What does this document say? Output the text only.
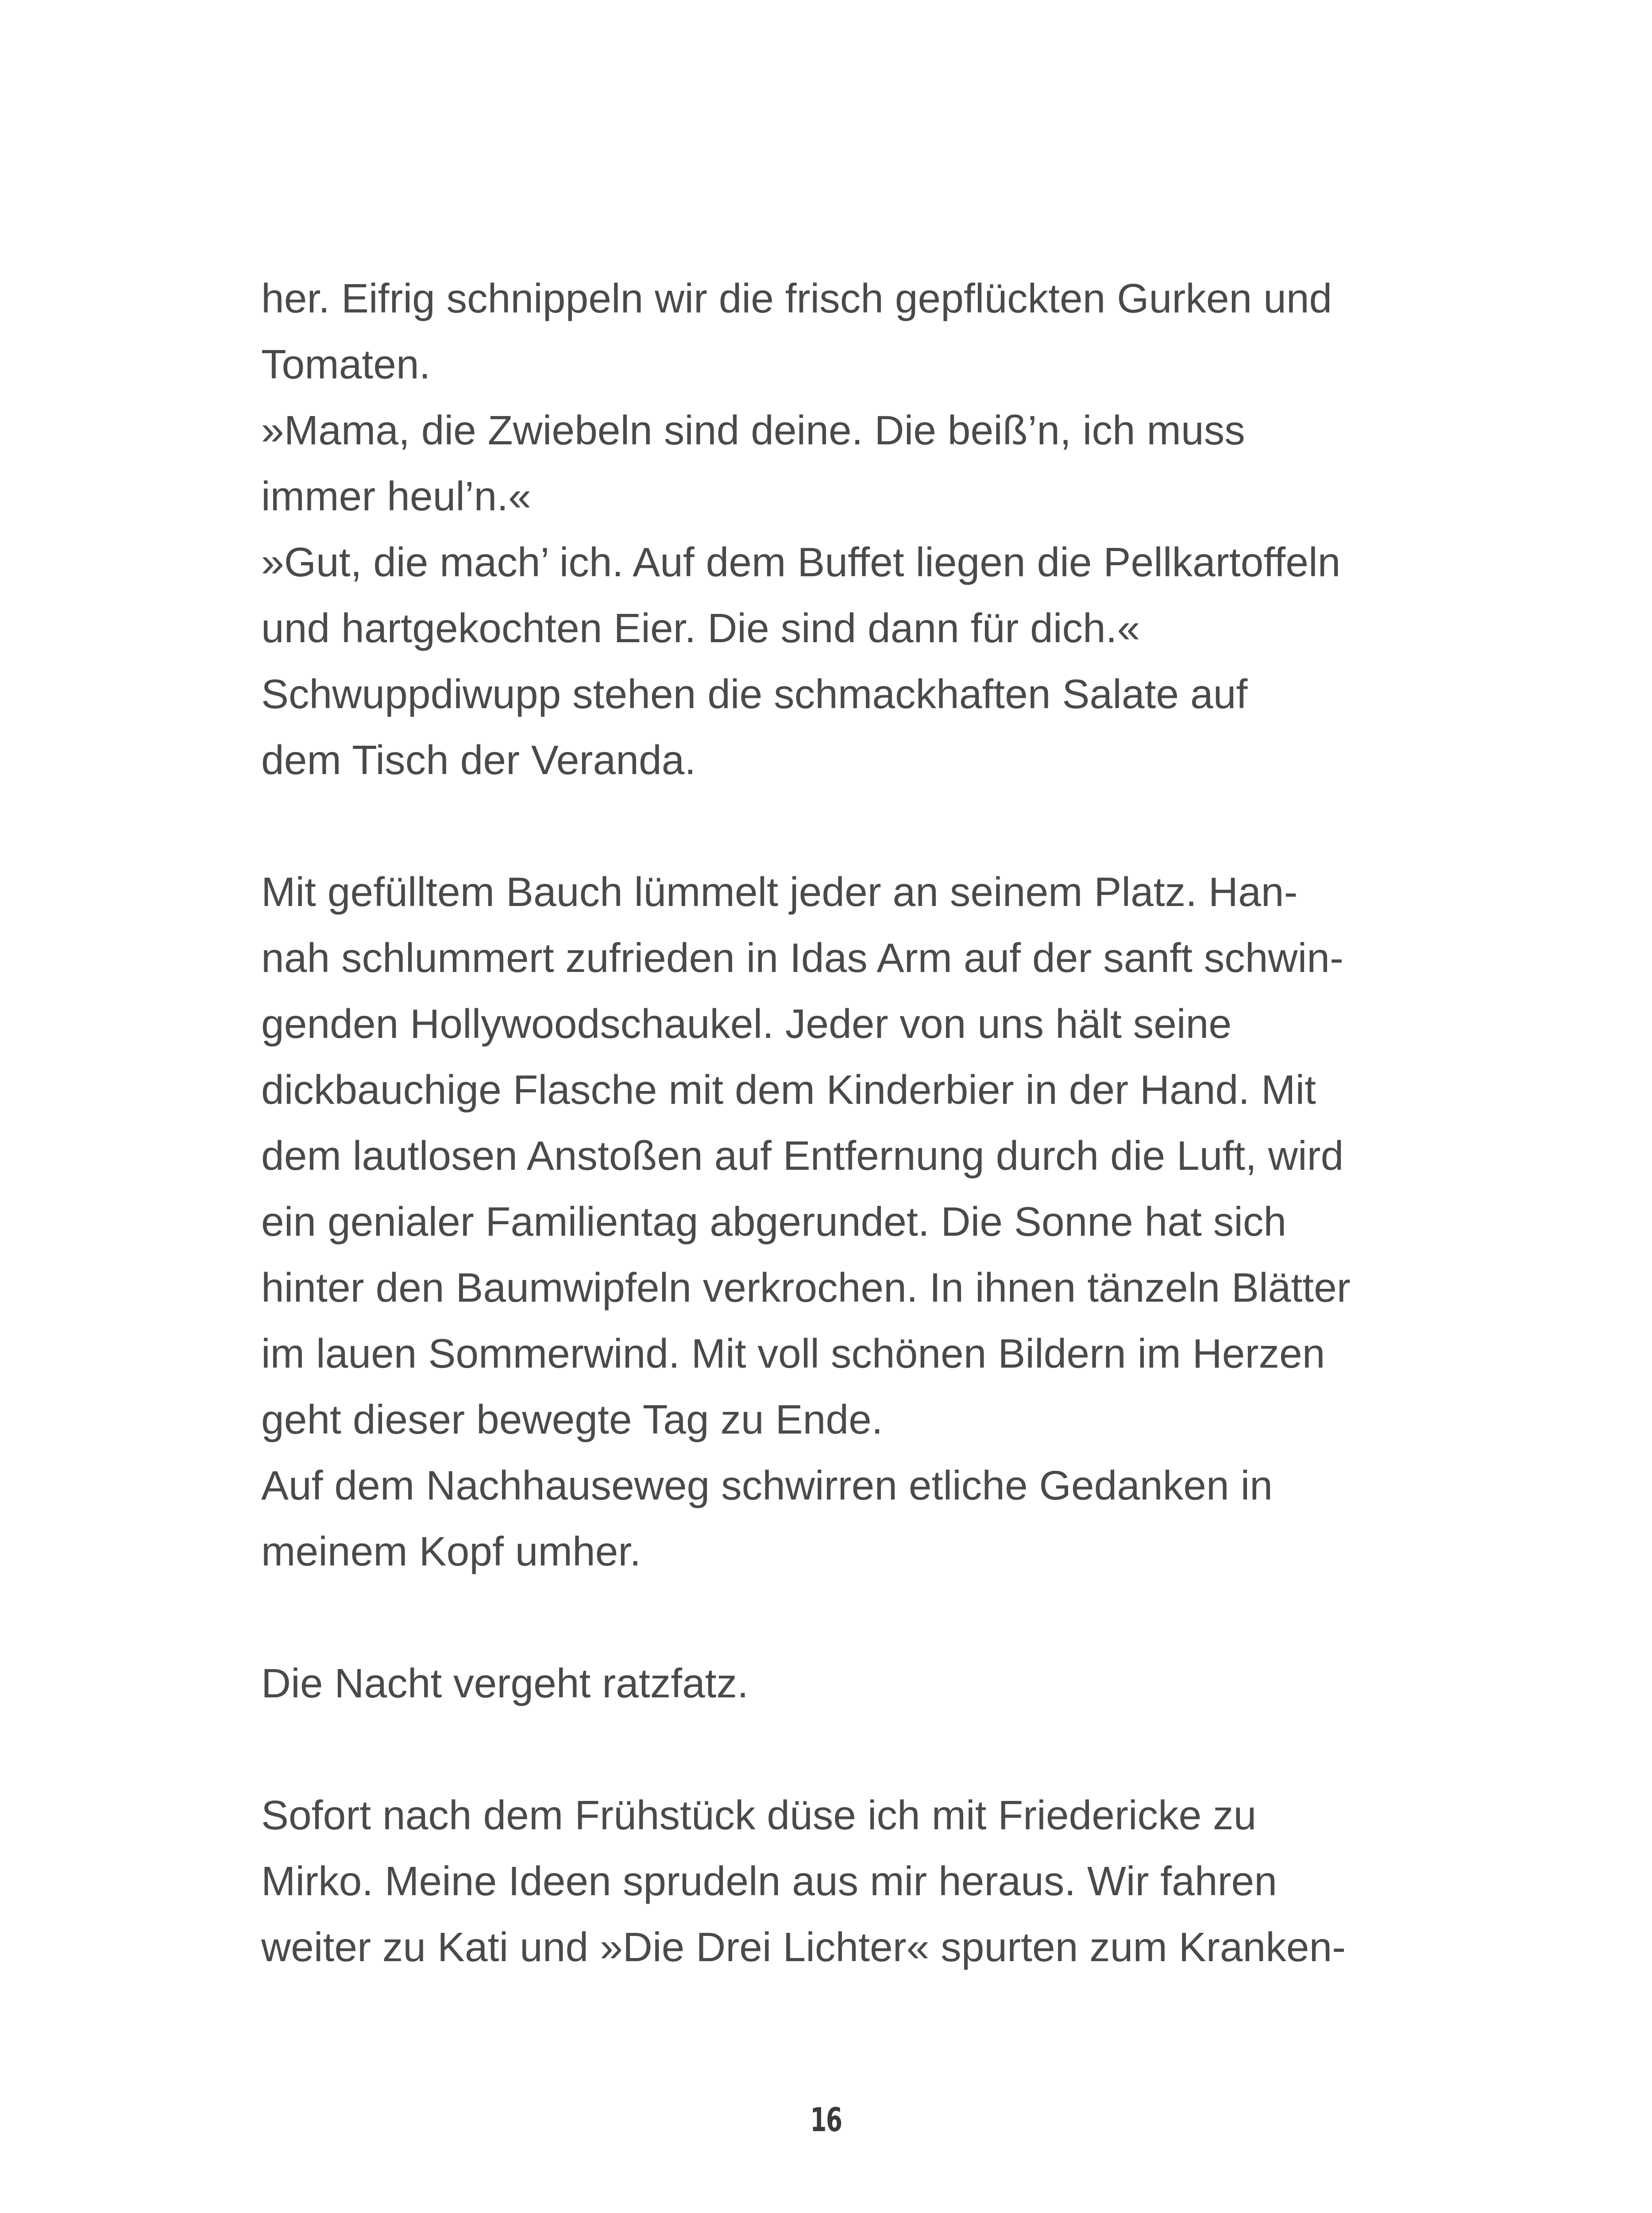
her. Eifrig schnippeln wir die frisch gepflückten Gurken und
Tomaten.
»Mama, die Zwiebeln sind deine. Die beiß’n, ich muss
immer heul’n.«
»Gut, die mach’ ich. Auf dem Buffet liegen die Pellkartoffeln
und hartgekochten Eier. Die sind dann für dich.«
Schwuppdiwupp stehen die schmackhaften Salate auf
dem Tisch der Veranda.
Mit gefülltem Bauch lümmelt jeder an seinem Platz. Han-
nah schlummert zufrieden in Idas Arm auf der sanft schwin-
genden Hollywoodschaukel. Jeder von uns hält seine
dickbauchige Flasche mit dem Kinderbier in der Hand. Mit
dem lautlosen Anstoßen auf Entfernung durch die Luft, wird
ein genialer Familientag abgerundet. Die Sonne hat sich
hinter den Baumwipfeln verkrochen. In ihnen tänzeln Blätter
im lauen Sommerwind. Mit voll schönen Bildern im Herzen
geht dieser bewegte Tag zu Ende.
Auf dem Nachhauseweg schwirren etliche Gedanken in
meinem Kopf umher.
Die Nacht vergeht ratzfatz.
Sofort nach dem Frühstück düse ich mit Friedericke zu
Mirko. Meine Ideen sprudeln aus mir heraus. Wir fahren
weiter zu Kati und »Die Drei Lichter« spurten zum Kranken-
16
